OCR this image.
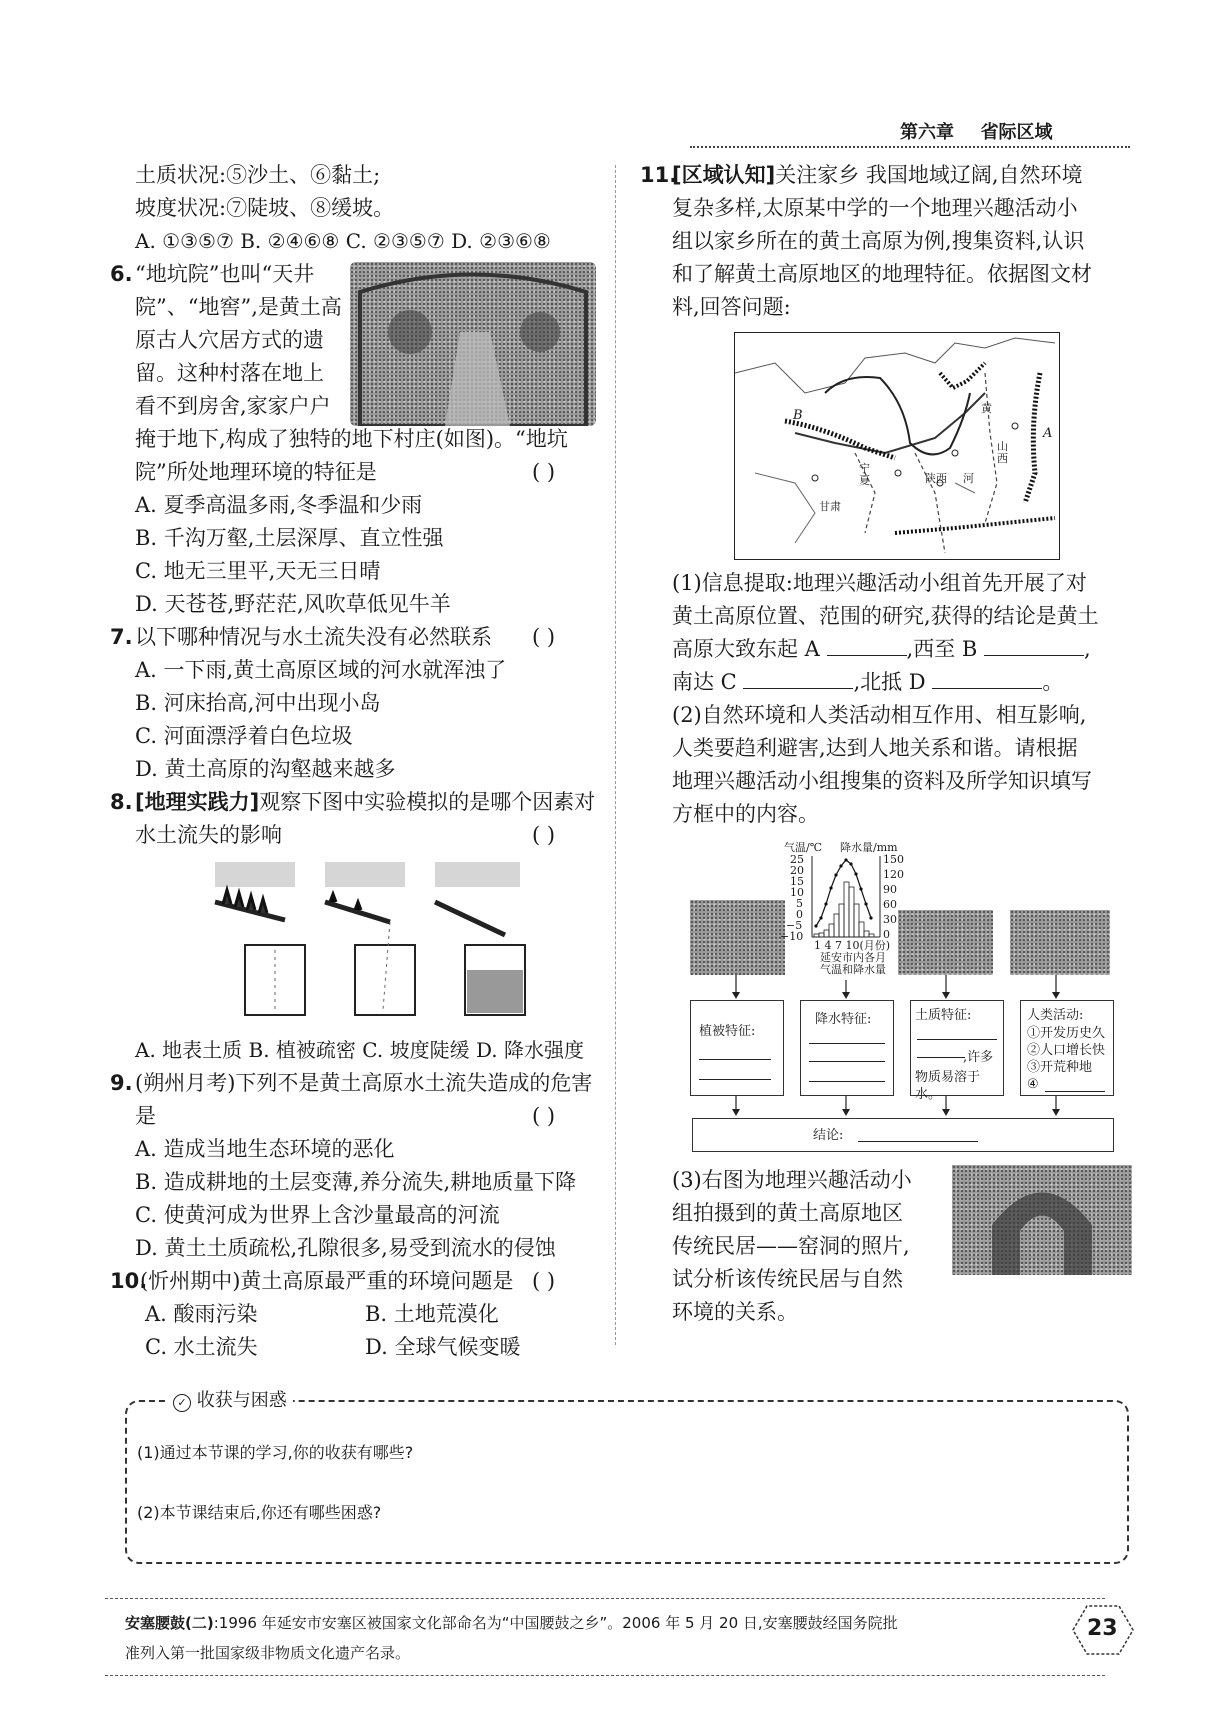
第六章 省际区域
土质状况:⑤沙土、⑥黏土;
坡度状况:⑦陡坡、⑧缓坡。
A. ①③⑤⑦ B. ②④⑥⑧ C. ②③⑤⑦ D. ②③⑥⑧
6. “地坑院”也叫“天井
院”、“地窖”,是黄土高
原古人穴居方式的遗
留。这种村落在地上
看不到房舍,家家户户
掩于地下,构成了独特的地下村庄(如图)。“地坑
院”所处地理环境的特征是	( )
A. 夏季高温多雨,冬季温和少雨
B. 千沟万壑,土层深厚、直立性强
C. 地无三里平,天无三日晴
D. 天苍苍,野茫茫,风吹草低见牛羊
7. 以下哪种情况与水土流失没有必然联系 ( )
A. 一下雨,黄土高原区域的河水就浑浊了
B. 河床抬高,河中出现小岛
C. 河面漂浮着白色垃圾
D. 黄土高原的沟壑越来越多
8. [地理实践力]观察下图中实验模拟的是哪个因素对
水土流失的影响	( )
A. 地表土质 B. 植被疏密 C. 坡度陡缓 D. 降水强度
9. (朔州月考)下列不是黄土高原水土流失造成的危害
是	( )
A. 造成当地生态环境的恶化
B. 造成耕地的土层变薄,养分流失,耕地质量下降
C. 使黄河成为世界上含沙量最高的河流
D. 黄土土质疏松,孔隙很多,易受到流水的侵蚀
10.
(忻州期中)黄土高原最严重的环境问题是 ( )
A. 酸雨污染	B. 土地荒漠化
C. 水土流失	D. 全球气候变暖
11.
[区域认知]关注家乡 我国地域辽阔,自然环境
复杂多样,太原某中学的一个地理兴趣活动小
组以家乡所在的黄土高原为例,搜集资料,认识
和了解黄土高原地区的地理特征。依据图文材
料,回答问题:
B
A
宁夏
甘肃
陕西
山西
黄
河
(1)信息提取:地理兴趣活动小组首先开展了对
黄土高原位置、范围的研究,获得的结论是黄土
高原大致东起 A	,西至 B	,
南达 C	,北抵 D	。
(2)自然环境和人类活动相互作用、相互影响,
人类要趋利避害,达到人地关系和谐。请根据
地理兴趣活动小组搜集的资料及所学知识填写
方框中的内容。
气温/℃ 降水量/mm
25
20
15
10
5
0
−5
−10
150
120
90
60
30
0
1 4 7 10(月份)
延安市内各月
气温和降水量
植被特征:
降水特征:	土质特征:
,许多
物质易溶于水。
人类活动:
①开发历史久
②人口增长快
③开荒种地
④
结论:
(3)右图为地理兴趣活动小
组拍摄到的黄土高原地区
传统民居——窑洞的照片,
试分析该传统民居与自然
环境的关系。
✓ 收获与困惑
(1)通过本节课的学习,你的收获有哪些?
(2)本节课结束后,你还有哪些困惑?
安塞腰鼓(二):1996 年延安市安塞区被国家文化部命名为“中国腰鼓之乡”。2006 年 5 月 20 日,安塞腰鼓经国务院批
准列入第一批国家级非物质文化遗产名录。
23
